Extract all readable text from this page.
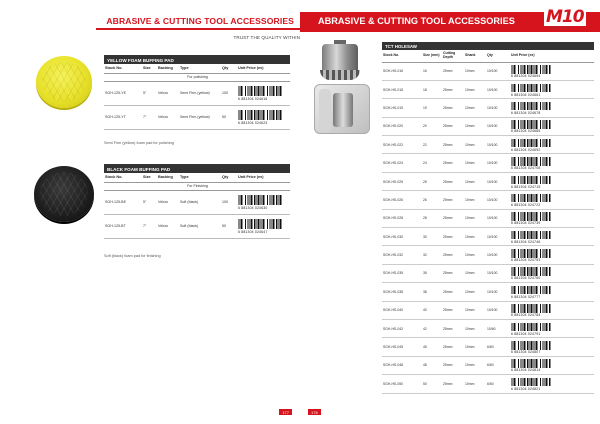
ABRASIVE & CUTTING TOOL ACCESSORIES
TRUST THE QUALITY WITHIN
YELLOW FOAM BUFFING PAD
Stock No.	Size	Backing	Type	Qty	Unit Price (ex)
		For polishing			
SGH-125-YE	5"	Velcro	Semi Firm (yellow)	100	6 881304 024616

SGH-125-YT	7"	Velcro	Semi Firm (yellow)	50	6 881304 024623
Semi Firm (yellow) foam pad for polishing
BLACK FOAM BUFFING PAD
Stock No.	Size	Backing	Type	Qty	Unit Price (ex)
		For Finishing			
SGH-125-BE	5"	Velcro	Soft (black)	100	6 881304 024630

SGH-125-BT	7"	Velcro	Soft (black)	50	6 881304 024647
Soft (black) foam pad for finishing
177
ABRASIVE & CUTTING TOOL ACCESSORIES M10
TOOLS
TCT HOLESAW
Stock No.	Size (mm)	Cutting Depth	Shank	Qty	Unit Price (ex)
SGH-HS-016	16	25mm	10mm	10/100	6 881304 024654

SGH-HS-018	18	25mm	10mm	10/100	6 881304 024661

SGH-HS-019	19	25mm	10mm	10/100	6 881304 024678

SGH-HS-020	20	25mm	10mm	10/100	6 881304 024685

SGH-HS-022	22	25mm	10mm	10/100	6 881304 024692

SGH-HS-024	24	25mm	10mm	10/100	6 881304 024708

SGH-HS-025	25	25mm	10mm	10/100	6 881304 024715

SGH-HS-026	26	25mm	10mm	10/100	6 881304 024722

SGH-HS-028	28	25mm	10mm	10/100	6 881304 024739

SGH-HS-030	30	25mm	10mm	10/100	6 881304 024746

SGH-HS-032	32	25mm	10mm	10/100	6 881304 024753

SGH-HS-035	35	25mm	10mm	10/100	6 881304 024760

SGH-HS-038	38	25mm	10mm	10/100	6 881304 024777

SGH-HS-040	40	25mm	10mm	10/100	6 881304 024784

SGH-HS-042	42	25mm	10mm	10/60	6 881304 024791

SGH-HS-045	45	25mm	10mm	6/60	6 881304 024807

SGH-HS-048	48	25mm	10mm	6/60	6 881304 024814

SGH-HS-050	50	25mm	10mm	6/60	6 881304 024821
178
